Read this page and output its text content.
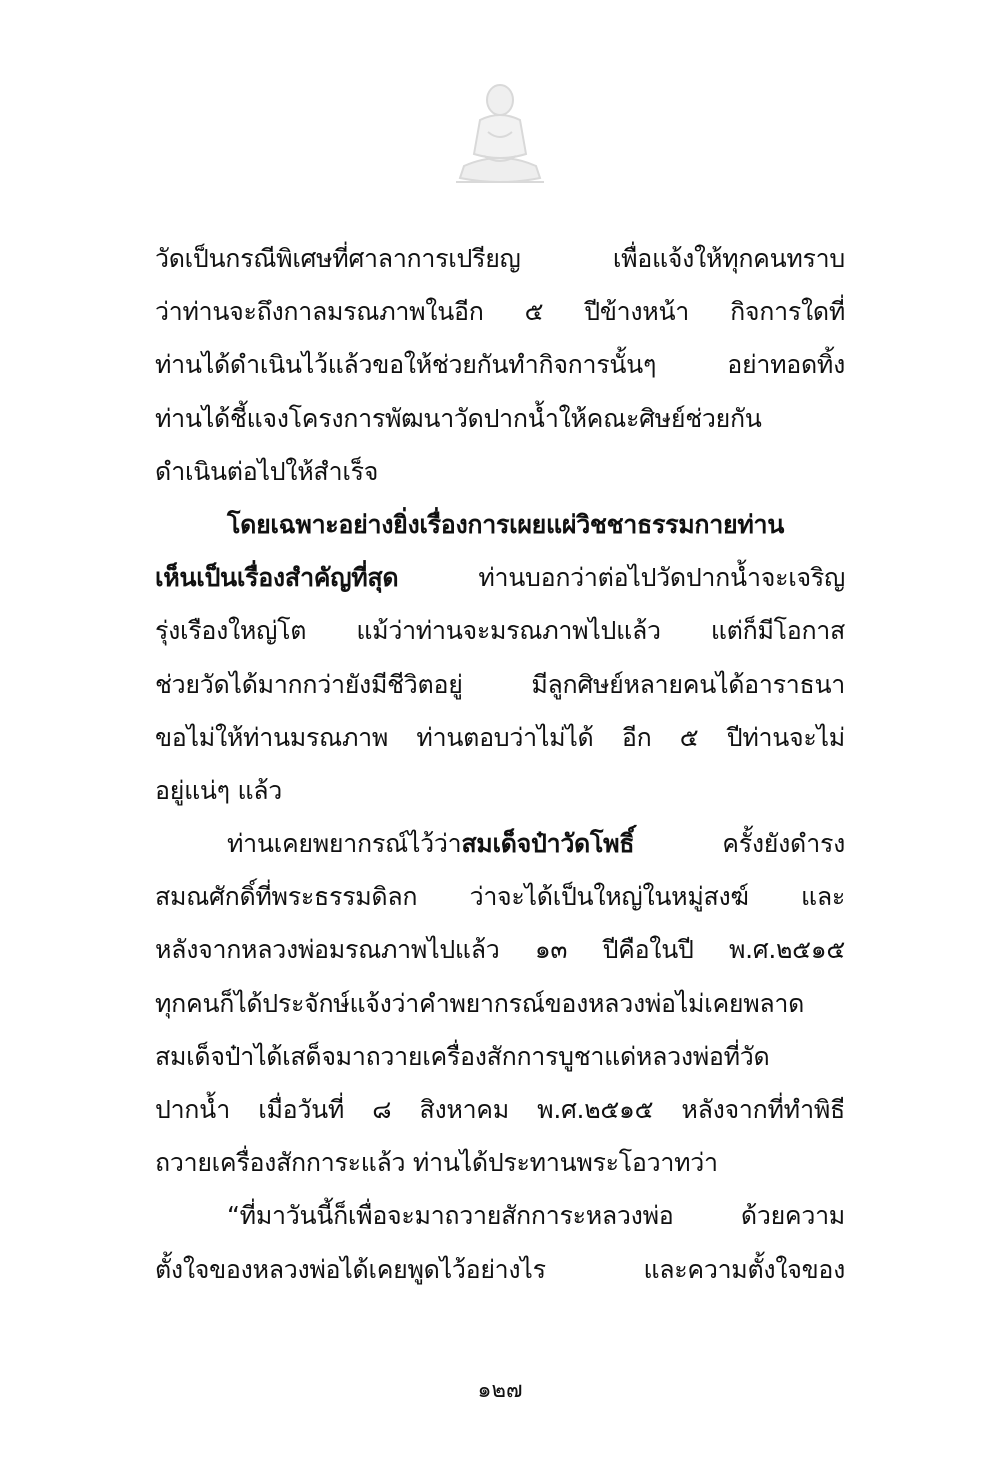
วัดเป็นกรณีพิเศษที่ศาลาการเปรียญ เพื่อแจ้งให้ทุกคนทราบ
ว่าท่านจะถึงกาลมรณภาพในอีก ๕ ปีข้างหน้า กิจการใดที่
ท่านได้ดำเนินไว้แล้วขอให้ช่วยกันทำกิจการนั้นๆ อย่าทอดทิ้ง
ท่านได้ชี้แจงโครงการพัฒนาวัดปากน้ำให้คณะศิษย์ช่วยกัน
ดำเนินต่อไปให้สำเร็จ
โดยเฉพาะอย่างยิ่งเรื่องการเผยแผ่วิชชาธรรมกายท่าน
เห็นเป็นเรื่องสำคัญที่สุด ท่านบอกว่าต่อไปวัดปากน้ำจะเจริญ
รุ่งเรืองใหญ่โต แม้ว่าท่านจะมรณภาพไปแล้ว แต่ก็มีโอกาส
ช่วยวัดได้มากกว่ายังมีชีวิตอยู่ มีลูกศิษย์หลายคนได้อาราธนา
ขอไม่ให้ท่านมรณภาพ ท่านตอบว่าไม่ได้ อีก ๕ ปีท่านจะไม่
อยู่แน่ๆ แล้ว
ท่านเคยพยากรณ์ไว้ว่าสมเด็จป๋าวัดโพธิ์ ครั้งยังดำรง
สมณศักดิ์ที่พระธรรมดิลก ว่าจะได้เป็นใหญ่ในหมู่สงฆ์ และ
หลังจากหลวงพ่อมรณภาพไปแล้ว ๑๓ ปีคือในปี พ.ศ.๒๕๑๕
ทุกคนก็ได้ประจักษ์แจ้งว่าคำพยากรณ์ของหลวงพ่อไม่เคยพลาด
สมเด็จป๋าได้เสด็จมาถวายเครื่องสักการบูชาแด่หลวงพ่อที่วัด
ปากน้ำ เมื่อวันที่ ๘ สิงหาคม พ.ศ.๒๕๑๕ หลังจากที่ทำพิธี
ถวายเครื่องสักการะแล้ว ท่านได้ประทานพระโอวาทว่า
“ที่มาวันนี้ก็เพื่อจะมาถวายสักการะหลวงพ่อ ด้วยความ
ตั้งใจของหลวงพ่อได้เคยพูดไว้อย่างไร และความตั้งใจของ
๑๒๗
